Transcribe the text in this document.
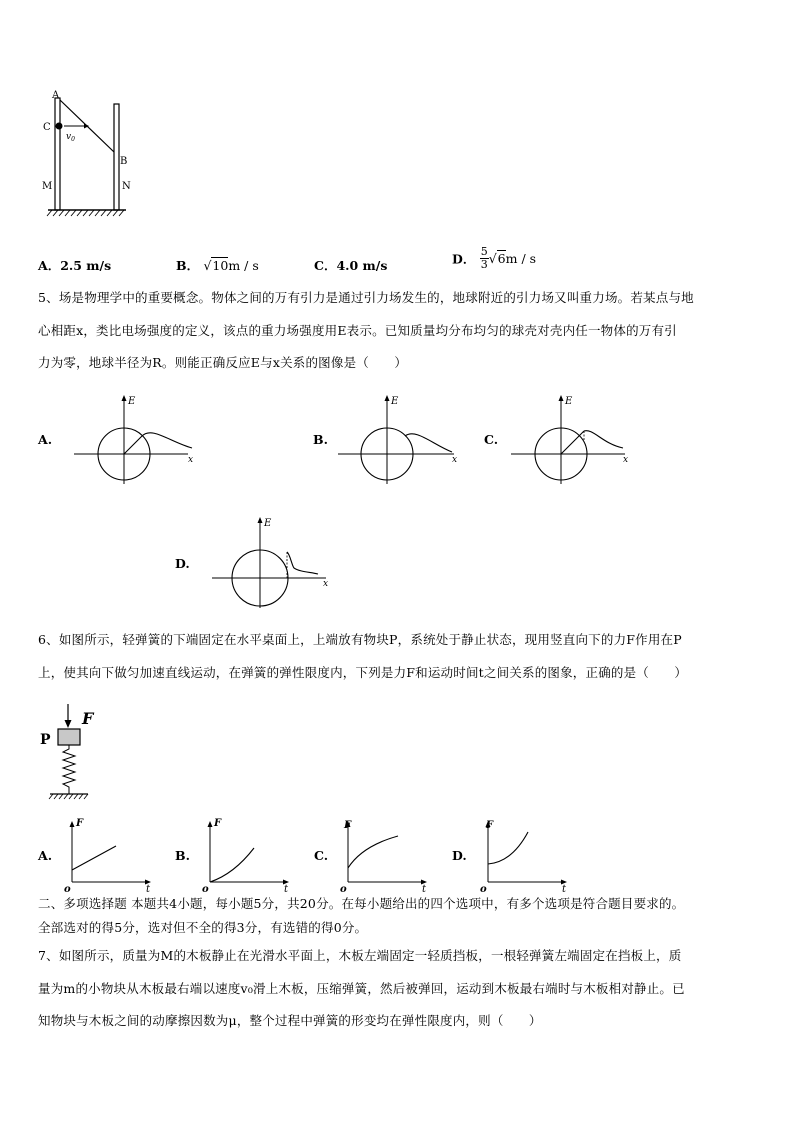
A
C
$v_0$
B
M	N
A．2.5 m/s	B． √10m / s	C．4.0 m/s	D． $\frac{5}{3} √6m$ / s
5、场是物理学中的重要概念。物体之间的万有引力是通过引力场发生的，地球附近的引力场又叫重力场。若某点与地
心相距x，类比电场强度的定义，该点的重力场强度用E表示。已知质量均分布均匀的球壳对壳内任一物体的万有引
力为零，地球半径为R。则能正确反应E与x关系的图像是（　　）
A.
E
x
B.
E
x
C.
E
x
D.
E
x
6、如图所示，轻弹簧的下端固定在水平桌面上，上端放有物块P，系统处于静止状态，现用竖直向下的力F作用在P
上，使其向下做匀加速直线运动，在弹簧的弹性限度内，下列是力F和运动时间t之间关系的图象，正确的是（　　）
F
P
A.
F
t
o
B.
F
t
o
C.
F
t
o
D.
F
t
o
二、多项选择题 本题共4小题，每小题5分，共20分。在每小题给出的四个选项中，有多个选项是符合题目要求的。
全部选对的得5分，选对但不全的得3分，有选错的得0分。
7、如图所示，质量为M的木板静止在光滑水平面上，木板左端固定一轻质挡板，一根轻弹簧左端固定在挡板上，质
量为m的小物块从木板最右端以速度v₀滑上木板，压缩弹簧，然后被弹回，运动到木板最右端时与木板相对静止。已
知物块与木板之间的动摩擦因数为μ，整个过程中弹簧的形变均在弹性限度内，则（　　）
